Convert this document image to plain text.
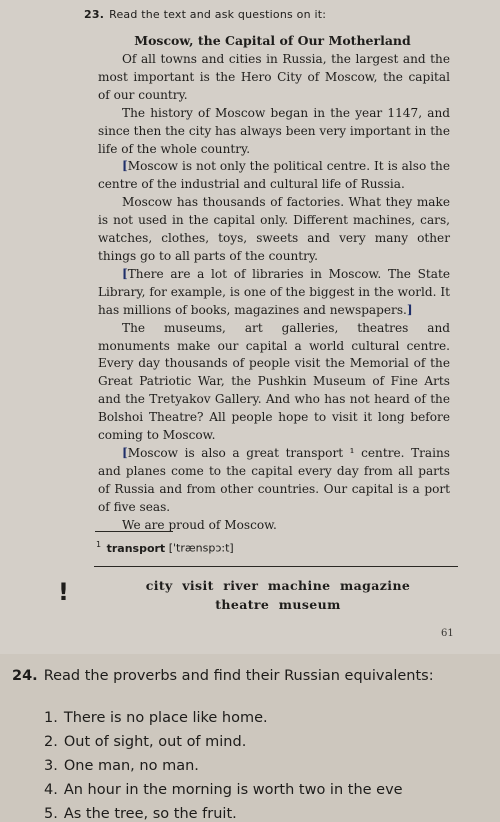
23. Read the text and ask questions on it:
Moscow, the Capital of Our Motherland

Of all towns and cities in Russia, the largest and the most important is the Hero City of Moscow, the capital of our country.

The history of Moscow began in the year 1147, and since then the city has always been very important in the life of the whole country.

[Moscow is not only the political centre. It is also the centre of the industrial and cultural life of Russia.

Moscow has thousands of factories. What they make is not used in the capital only. Different machines, cars, watches, clothes, toys, sweets and very many other things go to all parts of the country.

[There are a lot of libraries in Moscow. The State Library, for example, is one of the biggest in the world. It has millions of books, magazines and newspapers.]

The museums, art galleries, theatres and monuments make our capital a world cultural centre. Every day thousands of people visit the Memorial of the Great Patriotic War, the Pushkin Museum of Fine Arts and the Tretyakov Gallery. And who has not heard of the Bolshoi Theatre? All people hope to visit it long before coming to Moscow.

[Moscow is also a great transport ¹ centre. Trains and planes come to the capital every day from all parts of Russia and from other countries. Our capital is a port of five seas.

We are proud of Moscow.

$^1$ transport ['trænspɔ:t]
!	city  visit  river  machine  magazine
theatre  museum
61
24. Read the proverbs and find their Russian equivalents:
1. There is no place like home.
2. Out of sight, out of mind.
3. One man, no man.
4. An hour in the morning is worth two in the eve
5. As the tree, so the fruit.
